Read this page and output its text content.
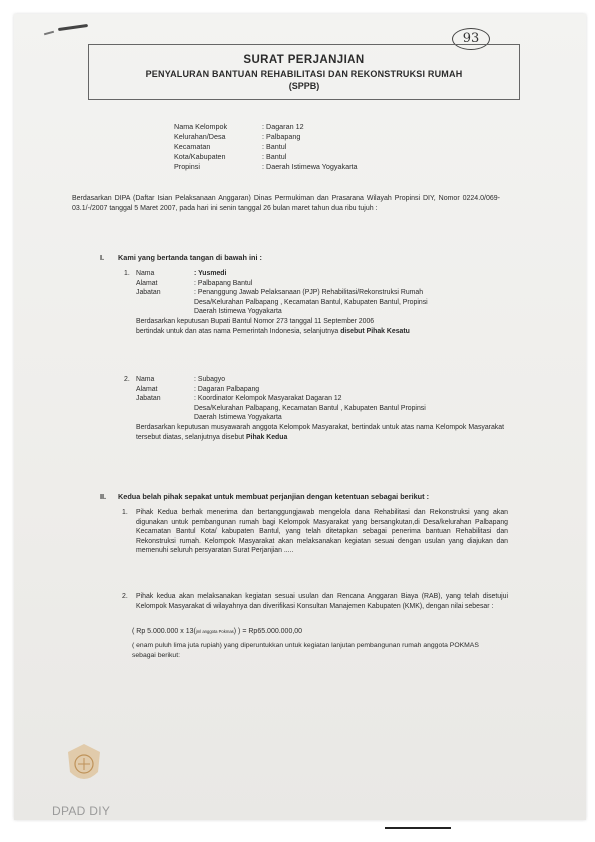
93
SURAT PERJANJIAN
PENYALURAN BANTUAN REHABILITASI DAN REKONSTRUKSI RUMAH
(SPPB)
Nama Kelompok	: Dagaran 12
Kelurahan/Desa	: Palbapang
Kecamatan	: Bantul
Kota/Kabupaten	: Bantul
Propinsi	: Daerah Istimewa Yogyakarta
Berdasarkan DIPA (Daftar Isian Pelaksanaan Anggaran) Dinas Permukiman dan Prasarana Wilayah Propinsi DIY, Nomor 0224.0/069-03.1/-/2007 tanggal 5 Maret 2007, pada hari ini senin tanggal 26 bulan maret tahun dua ribu tujuh :
I. Kami yang bertanda tangan di bawah ini :
1. Nama	: Yusmedi
Alamat	: Palbapang Bantul
Jabatan	: Penanggung Jawab Pelaksanaan (PJP) Rehabilitasi/Rekonstruksi Rumah
Desa/Kelurahan Palbapang , Kecamatan Bantul, Kabupaten Bantul, Propinsi
Daerah Istimewa Yogyakarta
Berdasarkan keputusan Bupati Bantul Nomor 273 tanggal 11 September 2006
bertindak untuk dan atas nama Pemerintah Indonesia, selanjutnya disebut Pihak Kesatu
2. Nama	: Subagyo
Alamat	: Dagaran Palbapang
Jabatan	: Koordinator Kelompok Masyarakat Dagaran 12
Desa/Kelurahan Palbapang, Kecamatan Bantul , Kabupaten Bantul Propinsi
Daerah Istimewa Yogyakarta
Berdasarkan keputusan musyawarah anggota Kelompok Masyarakat, bertindak untuk atas nama Kelompok Masyarakat tersebut diatas, selanjutnya disebut Pihak Kedua
II. Kedua belah pihak sepakat untuk membuat perjanjian dengan ketentuan sebagai berikut :
1. Pihak Kedua berhak menerima dan bertanggungjawab mengelola dana Rehabilitasi dan Rekonstruksi yang akan digunakan untuk pembangunan rumah bagi Kelompok Masyarakat yang bersangkutan,di Desa/kelurahan Palbapang Kecamatan Bantul Kota/ kabupaten Bantul, yang telah ditetapkan sebagai penerima bantuan Rehabilitasi dan Rekonstruksi rumah. Kelompok Masyarakat akan melaksanakan kegiatan sesuai dengan usulan yang diajukan dan memenuhi seluruh persyaratan Surat Perjanjian .....
2. Pihak kedua akan melaksanakan kegiatan sesuai usulan dan Rencana Anggaran Biaya (RAB), yang telah disetujui Kelompok Masyarakat di wilayahnya dan diverifikasi Konsultan Manajemen Kabupaten (KMK), dengan nilai sebesar :
( Rp 5.000.000 x 13(jml anggota Pokmas) ) = Rp65.000.000,00
( enam puluh lima juta rupiah) yang diperuntukkan untuk kegiatan lanjutan pembangunan rumah anggota POKMAS sebagai berikut:
DPAD DIY
